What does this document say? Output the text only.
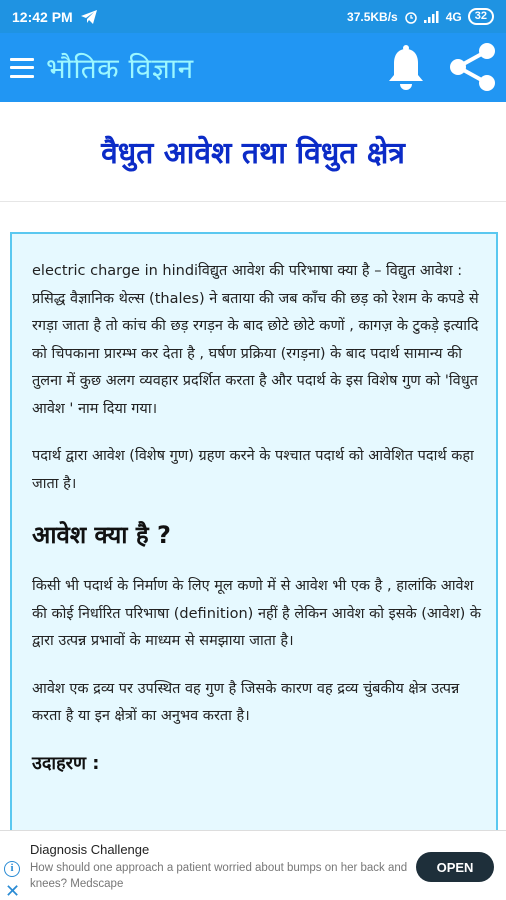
12:42 PM	37.5KB/s	4G	32
भौतिक विज्ञान
वैधुत आवेश तथा विधुत क्षेत्र

electric charge in hindiविद्युत आवेश की परिभाषा क्या है – विद्युत आवेश : प्रसिद्ध वैज्ञानिक थेल्स (thales) ने बताया की जब काँच की छड़ को रेशम के कपडे से रगड़ा जाता है तो कांच की छड़ रगड़न के बाद छोटे छोटे कणों , कागज़ के टुकड़े इत्यादि को चिपकाना प्रारम्भ कर देता है , घर्षण प्रक्रिया (रगड़ना) के बाद पदार्थ सामान्य की तुलना में कुछ अलग व्यवहार प्रदर्शित करता है और पदार्थ के इस विशेष गुण को 'विधुत आवेश ' नाम दिया गया।

पदार्थ द्वारा आवेश (विशेष गुण) ग्रहण करने के पश्चात पदार्थ को आवेशित पदार्थ कहा जाता है।

आवेश क्या है ?

किसी भी पदार्थ के निर्माण के लिए मूल कणो में से आवेश भी एक है , हालांकि आवेश की कोई निर्धारित परिभाषा (definition) नहीं है लेकिन आवेश को इसके (आवेश) के द्वारा उत्पन्न प्रभावों के माध्यम से समझाया जाता है।

आवेश एक द्रव्य पर उपस्थित वह गुण है जिसके कारण वह द्रव्य चुंबकीय क्षेत्र उत्पन्न करता है या इन क्षेत्रों का अनुभव करता है।

उदाहरण :
i
✕
Diagnosis Challenge
How should one approach a patient worried about bumps on her back and knees? Medscape
OPEN
